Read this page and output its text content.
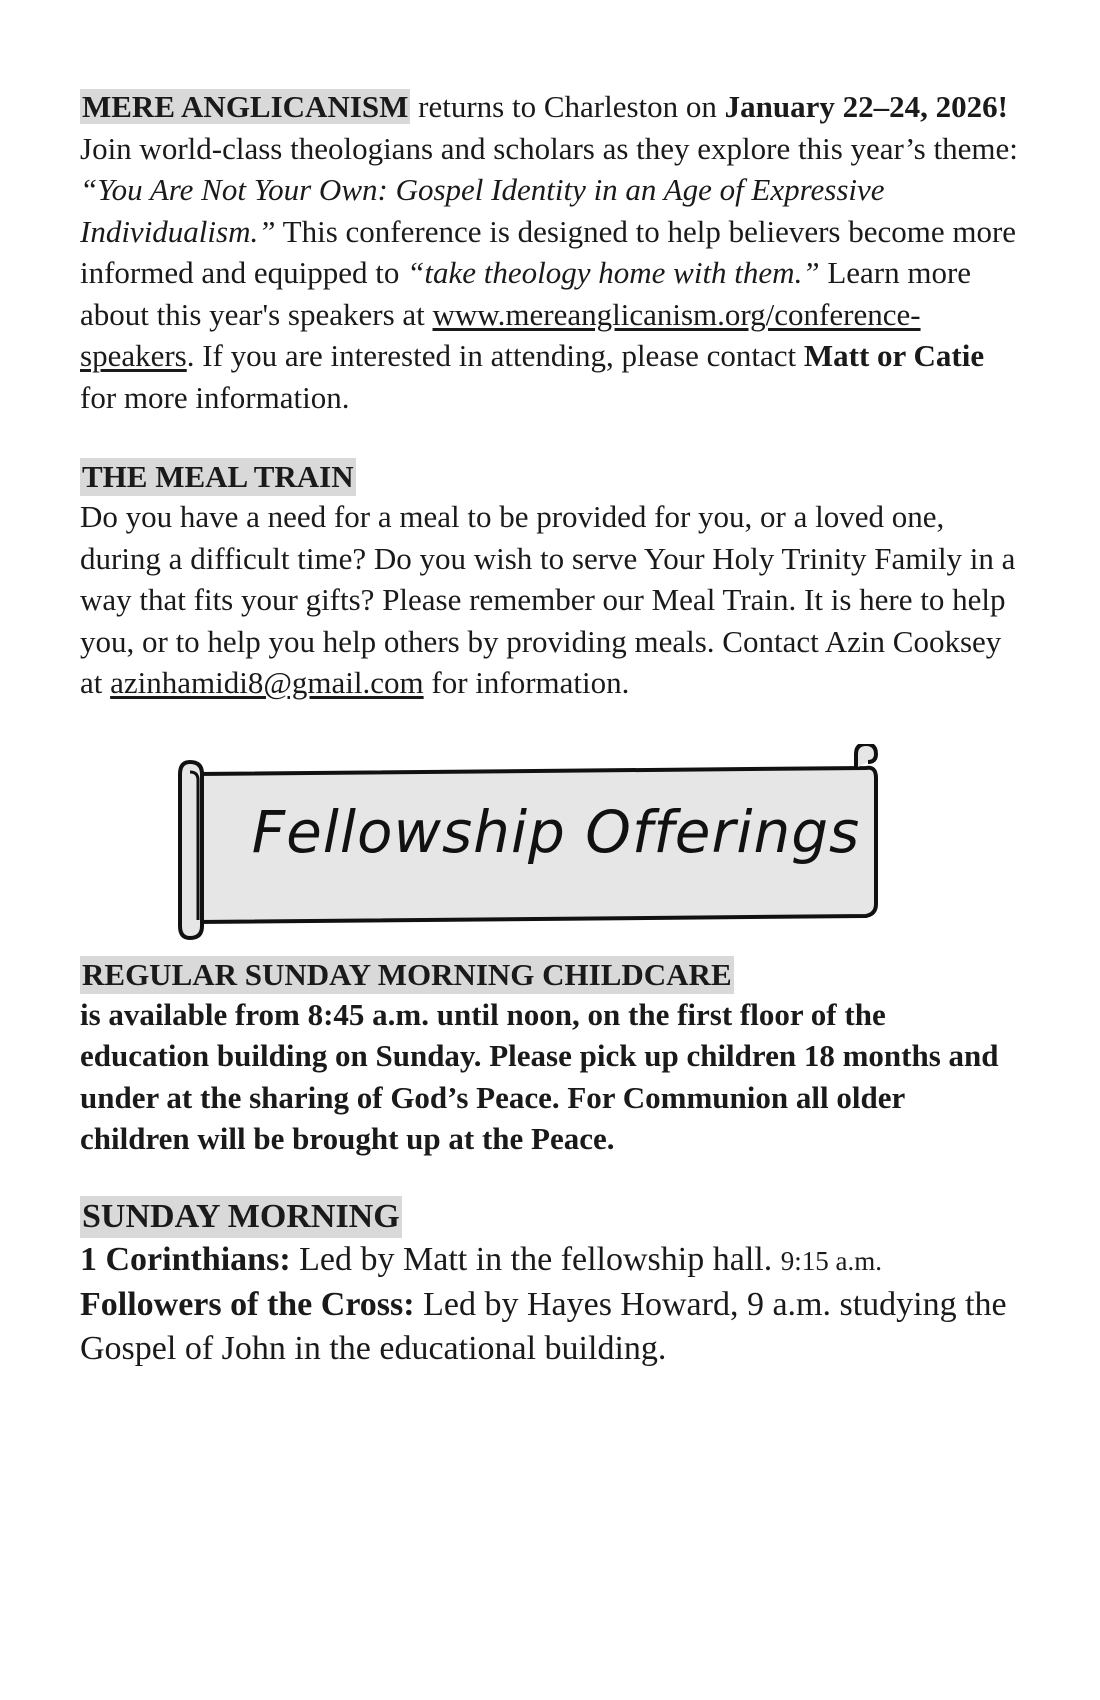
MERE ANGLICANISM returns to Charleston on January 22–24, 2026! Join world-class theologians and scholars as they explore this year’s theme: “You Are Not Your Own: Gospel Identity in an Age of Expressive Individualism.” This conference is designed to help believers become more informed and equipped to “take theology home with them.” Learn more about this year's speakers at www.mereanglicanism.org/conference-speakers. If you are interested in attending, please contact Matt or Catie for more information.

THE MEAL TRAIN

Do you have a need for a meal to be provided for you, or a loved one, during a difficult time? Do you wish to serve Your Holy Trinity Family in a way that fits your gifts? Please remember our Meal Train. It is here to help you, or to help you help others by providing meals. Contact Azin Cooksey at azinhamidi8@gmail.com for information.

Fellowship Offerings
REGULAR SUNDAY MORNING CHILDCARE

is available from 8:45 a.m. until noon, on the first floor of the education building on Sunday. Please pick up children 18 months and under at the sharing of God’s Peace. For Communion all older children will be brought up at the Peace.

SUNDAY MORNING

1 Corinthians: Led by Matt in the fellowship hall. 9:15 a.m.

Followers of the Cross: Led by Hayes Howard, 9 a.m. studying the Gospel of John in the educational building.
